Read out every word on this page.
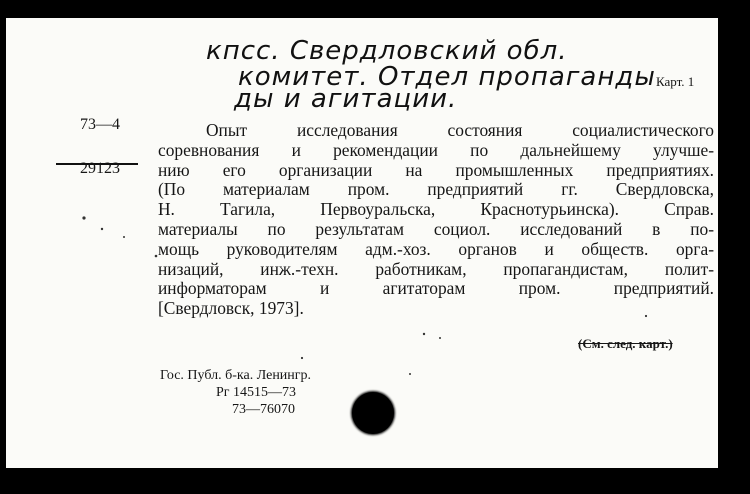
кпсс. Свердловский обл.
комитет. Отдел пропаганды
ды и агитации.
Карт. 1
73—4
29123
Опыт исследования состояния социалистического
соревнования и рекомендации по дальнейшему улучше-
нию его организации на промышленных предприятиях.
(По материалам пром. предприятий гг. Свердловска,
Н. Тагила, Первоуральска, Краснотурьинска). Справ.
материалы по результатам социол. исследований в по-
мощь руководителям адм.-хоз. органов и обществ. орга-
низаций, инж.-техн. работникам, пропагандистам, полит-
информаторам и агитаторам пром. предприятий.
[Свердловск, 1973].
(См. след. карт.)
Гос. Публ. б-ка. Ленингр.
Рг 14515—73
73—76070
